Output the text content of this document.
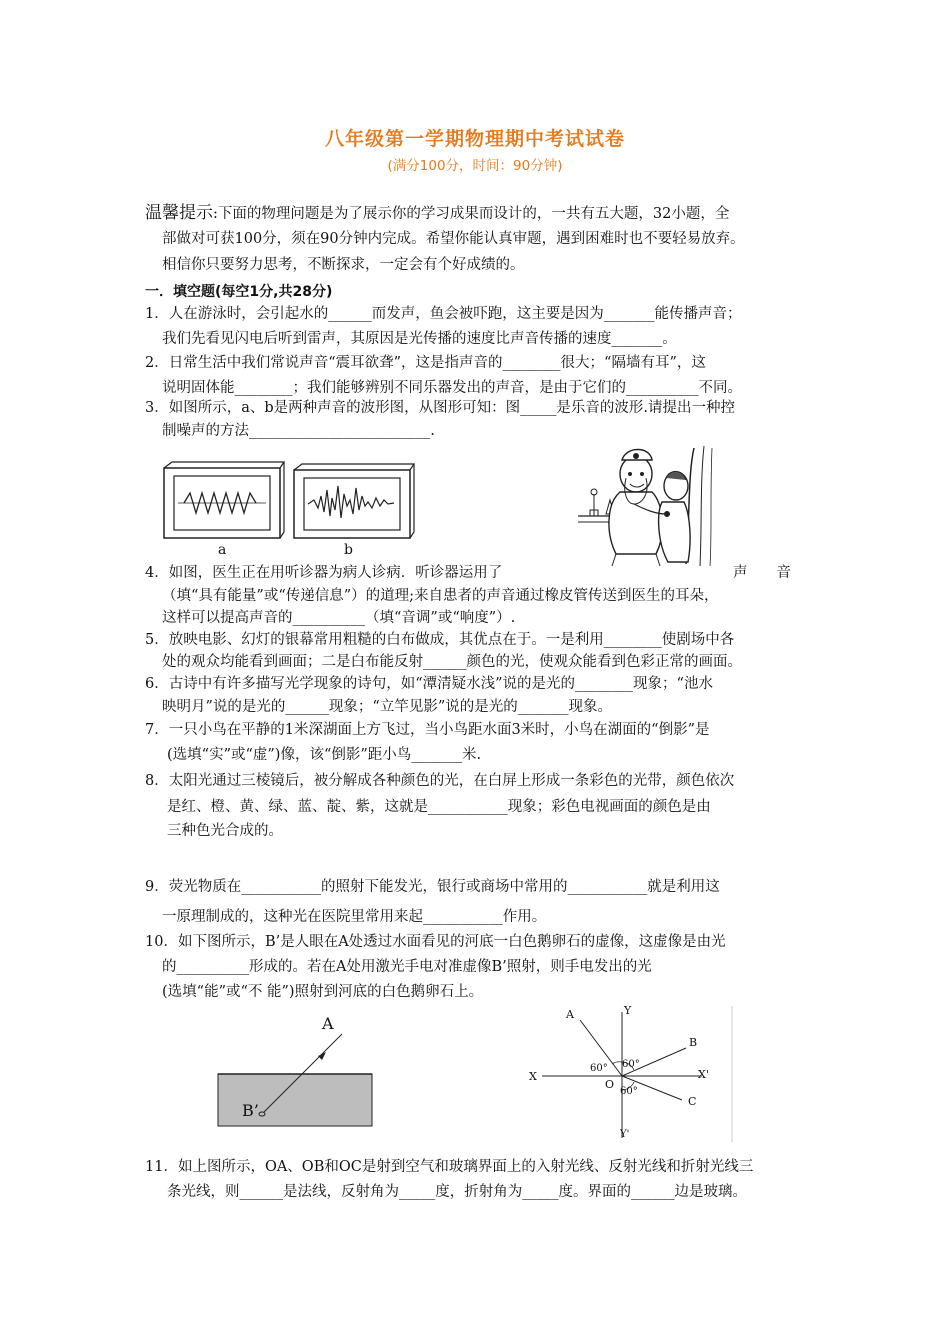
八年级第一学期物理期中考试试卷
(满分100分，时间：90分钟)
温馨提示:下面的物理问题是为了展示你的学习成果而设计的，一共有五大题，32小题，全
部做对可获100分，须在90分钟内完成。希望你能认真审题，遇到困难时也不要轻易放弃。
相信你只要努力思考，不断探求，一定会有个好成绩的。
一．填空题(每空1分,共28分)
1．人在游泳时，会引起水的______而发声，鱼会被吓跑，这主要是因为_______能传播声音；
我们先看见闪电后听到雷声，其原因是光传播的速度比声音传播的速度_______。
2．日常生活中我们常说声音“震耳欲聋”，这是指声音的________很大；“隔墙有耳”，这
说明固体能________；我们能够辨别不同乐器发出的声音，是由于它们的__________不同。
3．如图所示，a、b是两种声音的波形图，从图形可知：图_____是乐音的波形.请提出一种控
制噪声的方法_________________________.
a	b
4．如图，医生正在用听诊器为病人诊病．听诊器运用了	声　　音
（填“具有能量”或“传递信息”）的道理;来自患者的声音通过橡皮管传送到医生的耳朵，
这样可以提高声音的__________（填“音调”或“响度”）.
5．放映电影、幻灯的银幕常用粗糙的白布做成，其优点在于。一是利用________使剧场中各
处的观众均能看到画面；二是白布能反射______颜色的光，使观众能看到色彩正常的画面。
6．古诗中有许多描写光学现象的诗句，如“潭清疑水浅”说的是光的________现象；“池水
映明月”说的是光的______现象；“立竿见影”说的是光的_______现象。
7．一只小鸟在平静的1米深湖面上方飞过，当小鸟距水面3米时，小鸟在湖面的“倒影”是
(选填“实”或“虚”)像，该“倒影”距小鸟_______米.
8．太阳光通过三棱镜后，被分解成各种颜色的光，在白屏上形成一条彩色的光带，颜色依次
是红、橙、黄、绿、蓝、靛、紫，这就是___________现象；彩色电视画面的颜色是由
三种色光合成的。
9．荧光物质在___________的照射下能发光，银行或商场中常用的___________就是利用这
一原理制成的，这种光在医院里常用来起___________作用。
10．如下图所示，B’是人眼在A处透过水面看见的河底一白色鹅卵石的虚像，这虚像是由光
的__________形成的。若在A处用激光手电对准虚像B’照射，则手电发出的光
(选填“能”或“不 能”)照射到河底的白色鹅卵石上。
A
B’
A	Y
B
X	X'
O
C
Y'
60° 60°
60°
11．如上图所示，OA、OB和OC是射到空气和玻璃界面上的入射光线、反射光线和折射光线三
条光线，则______是法线，反射角为_____度，折射角为_____度。界面的______边是玻璃。
